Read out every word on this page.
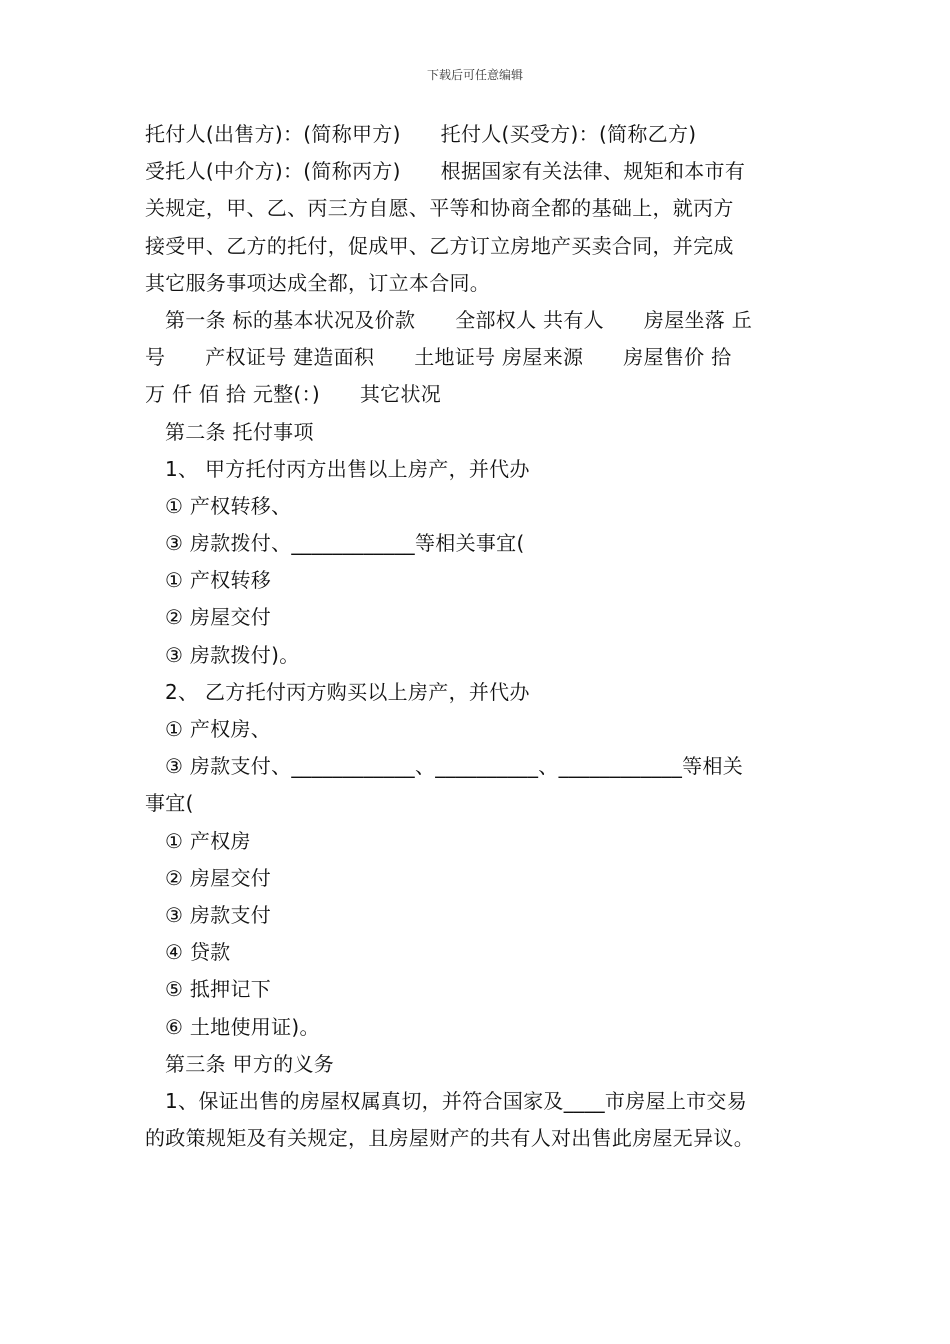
下载后可任意编辑
托付人(出售方)：(简称甲方)      托付人(买受方)：(简称乙方)
受托人(中介方)：(简称丙方)      根据国家有关法律、规矩和本市有
关规定，甲、乙、丙三方自愿、平等和协商全都的基础上，就丙方
接受甲、乙方的托付，促成甲、乙方订立房地产买卖合同，并完成
其它服务事项达成全都，订立本合同。
第一条 标的基本状况及价款      全部权人 共有人      房屋坐落 丘
号      产权证号 建造面积      土地证号 房屋来源      房屋售价 拾
万 仟 佰 拾 元整(：)      其它状况
第二条 托付事项
1、 甲方托付丙方出售以上房产，并代办
① 产权转移、
③ 房款拨付、____________等相关事宜(
① 产权转移
② 房屋交付
③ 房款拨付)。
2、 乙方托付丙方购买以上房产，并代办
① 产权房、
③ 房款支付、____________、__________、____________等相关
事宜(
① 产权房
② 房屋交付
③ 房款支付
④ 贷款
⑤ 抵押记下
⑥ 土地使用证)。
第三条 甲方的义务
1、保证出售的房屋权属真切，并符合国家及____市房屋上市交易
的政策规矩及有关规定，且房屋财产的共有人对出售此房屋无异议。
